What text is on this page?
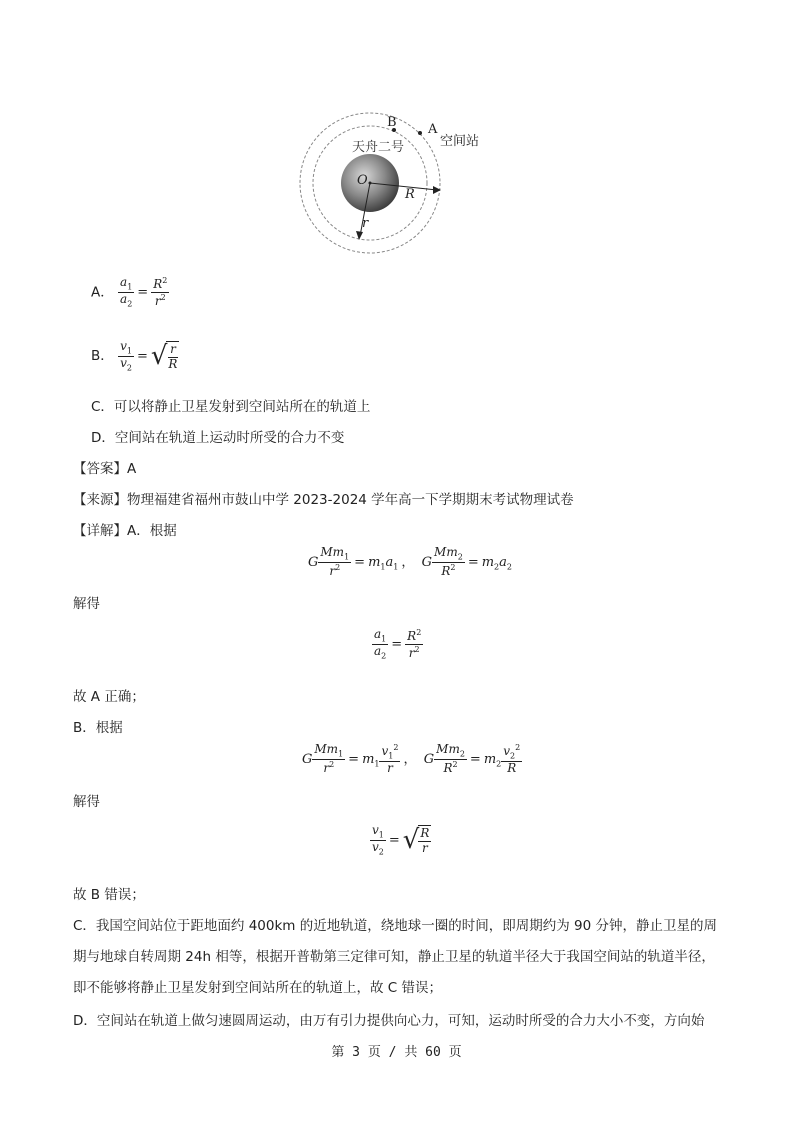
B A
空间站
天舟二号
O
R
r
A． $\frac{a_1}{a_2} = \frac{R^2}{r^2}$
B． $\frac{v_1}{v_2}$ = √ $\frac{r}{R}$
C．可以将静止卫星发射到空间站所在的轨道上
D．空间站在轨道上运动时所受的合力不变
【答案】A
【来源】物理福建省福州市鼓山中学 2023-2024 学年高一下学期期末考试物理试卷
【详解】A．根据
G $\frac{Mm_1}{r^2} = m_1a_1$ ， G $\frac{Mm_2}{R^2} = m_2a_2$
解得
$\frac{a_1}{a_2} = \frac{R^2}{r^2}$
故 A 正确；
B．根据
G $\frac{Mm_1}{r^2} = m_1 \frac{v_1^2}{r}$ ， G $\frac{Mm_2}{R^2} = m_2 \frac{v_2^2}{R}$
解得
$\frac{v_1}{v_2}$ = √ $\frac{R}{r}$
故 B 错误；
C．我国空间站位于距地面约 400km 的近地轨道，绕地球一圈的时间，即周期约为 90 分钟，静止卫星的周
期与地球自转周期 24h 相等，根据开普勒第三定律可知，静止卫星的轨道半径大于我国空间站的轨道半径，
即不能够将静止卫星发射到空间站所在的轨道上，故 C 错误；
D．空间站在轨道上做匀速圆周运动，由万有引力提供向心力，可知，运动时所受的合力大小不变，方向始
第 3 页 / 共 60 页
